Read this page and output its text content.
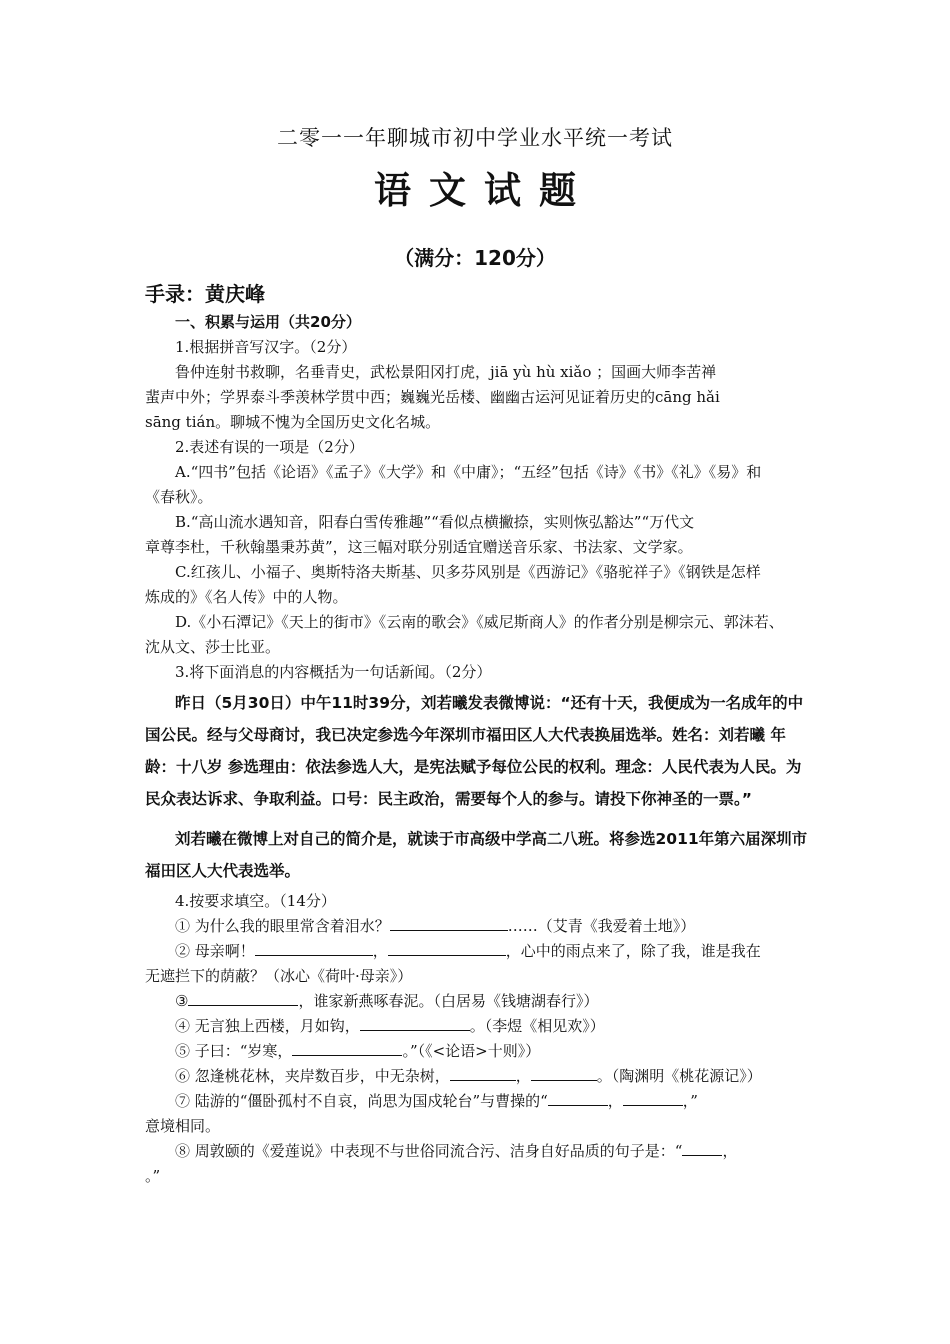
二零一一年聊城市初中学业水平统一考试
语文试题
（满分：120分）
手录：黄庆峰

一、积累与运用（共20分）

1.根据拼音写汉字。（2分）

鲁仲连射书救聊，名垂青史，武松景阳冈打虎，jiā yù hù xiǎo ；国画大师李苦禅

蜚声中外；学界泰斗季羡林学贯中西；巍巍光岳楼、幽幽古运河见证着历史的cāng hǎi

sāng tián。聊城不愧为全国历史文化名城。

2.表述有误的一项是（2分）

A.“四书”包括《论语》《孟子》《大学》和《中庸》；“五经”包括《诗》《书》《礼》《易》和

《春秋》。

B.“高山流水遇知音，阳春白雪传雅趣”“看似点横撇捺，实则恢弘豁达”“万代文

章尊李杜，千秋翰墨秉苏黄”，这三幅对联分别适宜赠送音乐家、书法家、文学家。

C.红孩儿、小福子、奥斯特洛夫斯基、贝多芬风别是《西游记》《骆驼祥子》《钢铁是怎样

炼成的》《名人传》中的人物。

D.《小石潭记》《天上的街市》《云南的歌会》《威尼斯商人》的作者分别是柳宗元、郭沫若、

沈从文、莎士比亚。

3.将下面消息的内容概括为一句话新闻。（2分）

昨日（5月30日）中午11时39分，刘若曦发表微博说：“还有十天，我便成为一名成年的中国公民。经与父母商讨，我已决定参选今年深圳市福田区人大代表换届选举。姓名：刘若曦 年龄：十八岁 参选理由：依法参选人大，是宪法赋予每位公民的权利。理念：人民代表为人民。为民众表达诉求、争取利益。口号：民主政治，需要每个人的参与。请投下你神圣的一票。”

刘若曦在微博上对自己的简介是，就读于市高级中学高二八班。将参选2011年第六届深圳市福田区人大代表选举。

4.按要求填空。（14分）

① 为什么我的眼里常含着泪水？	……（艾青《我爱着土地》）

② 母亲啊！	，	，心中的雨点来了，除了我，谁是我在

无遮拦下的荫蔽？（冰心《荷叶·母亲》）

③	，谁家新燕啄春泥。（白居易《钱塘湖春行》）

④ 无言独上西楼，月如钩，	。（李煜《相见欢》）

⑤ 子曰：“岁寒，	。”（《<论语>十则》）

⑥ 忽逢桃花林，夹岸数百步，中无杂树，	，	。（陶渊明《桃花源记》）

⑦ 陆游的“僵卧孤村不自哀，尚思为国戍轮台”与曹操的“	，	，”

意境相同。

⑧ 周敦颐的《爱莲说》中表现不与世俗同流合污、洁身自好品质的句子是：“	，

。”
